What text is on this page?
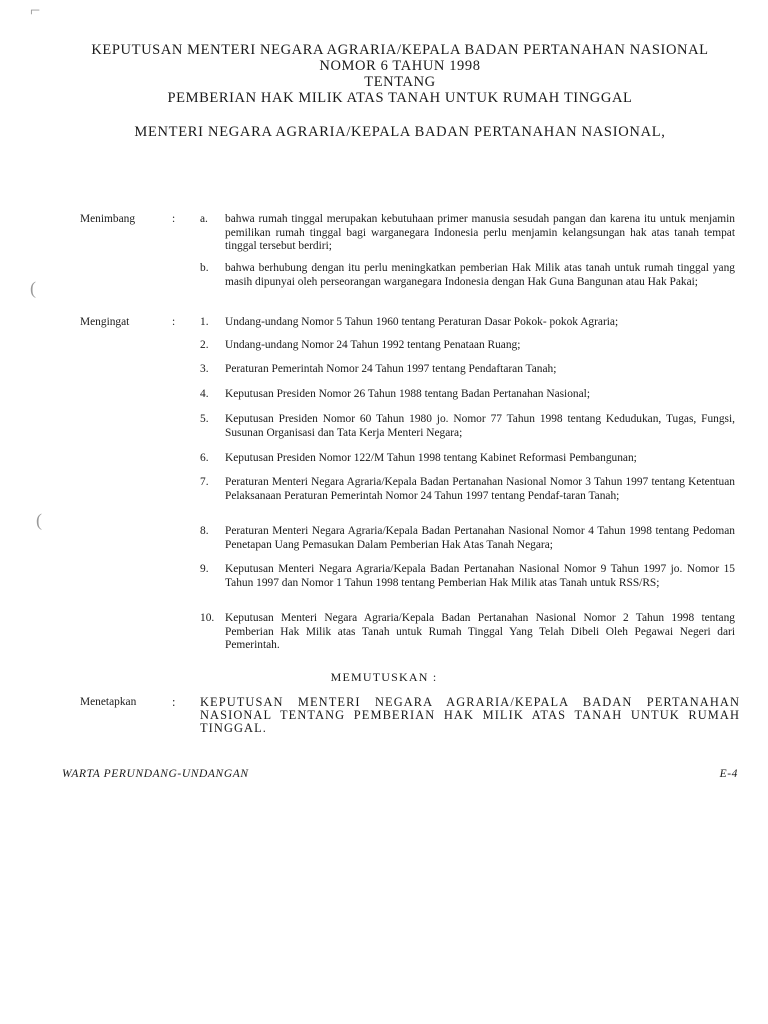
⌐
(
(
KEPUTUSAN MENTERI NEGARA AGRARIA/KEPALA BADAN PERTANAHAN NASIONAL
NOMOR 6 TAHUN 1998
TENTANG
PEMBERIAN HAK MILIK ATAS TANAH UNTUK RUMAH TINGGAL
MENTERI NEGARA AGRARIA/KEPALA BADAN PERTANAHAN NASIONAL,
Menimbang	: a. bahwa rumah tinggal merupakan kebutuhaan primer manusia sesudah pangan dan karena itu untuk menjamin pemilikan rumah tinggal bagi warganegara Indonesia perlu menjamin kelangsungan hak atas tanah tempat tinggal tersebut berdiri;
b. bahwa berhubung dengan itu perlu meningkatkan pemberian Hak Milik atas tanah untuk rumah tinggal yang masih dipunyai oleh perseorangan warganegara Indonesia dengan Hak Guna Bangunan atau Hak Pakai;
Mengingat	: 1. Undang-undang Nomor 5 Tahun 1960 tentang Peraturan Dasar Pokok- pokok Agraria;
2. Undang-undang Nomor 24 Tahun 1992 tentang Penataan Ruang;
3. Peraturan Pemerintah Nomor 24 Tahun 1997 tentang Pendaftaran Tanah;
4. Keputusan Presiden Nomor 26 Tahun 1988 tentang Badan Pertanahan Nasional;
5. Keputusan Presiden Nomor 60 Tahun 1980 jo. Nomor 77 Tahun 1998 tentang Kedudukan, Tugas, Fungsi, Susunan Organisasi dan Tata Kerja Menteri Negara;
6. Keputusan Presiden Nomor 122/M Tahun 1998 tentang Kabinet Reformasi Pembangunan;
7. Peraturan Menteri Negara Agraria/Kepala Badan Pertanahan Nasional Nomor 3 Tahun 1997 tentang Ketentuan Pelaksanaan Peraturan Pemerintah Nomor 24 Tahun 1997 tentang Pendaf-taran Tanah;
8. Peraturan Menteri Negara Agraria/Kepala Badan Pertanahan Nasional Nomor 4 Tahun 1998 tentang Pedoman Penetapan Uang Pemasukan Dalam Pemberian Hak Atas Tanah Negara;
9. Keputusan Menteri Negara Agraria/Kepala Badan Pertanahan Nasional Nomor 9 Tahun 1997 jo. Nomor 15 Tahun 1997 dan Nomor 1 Tahun 1998 tentang Pemberian Hak Milik atas Tanah untuk RSS/RS;
10. Keputusan Menteri Negara Agraria/Kepala Badan Pertanahan Nasional Nomor 2 Tahun 1998 tentang Pemberian Hak Milik atas Tanah untuk Rumah Tinggal Yang Telah Dibeli Oleh Pegawai Negeri dari Pemerintah.
MEMUTUSKAN :
Menetapkan	: KEPUTUSAN MENTERI NEGARA AGRARIA/KEPALA BADAN PERTANAHAN NASIONAL TENTANG PEMBERIAN HAK MILIK ATAS TANAH UNTUK RUMAH TINGGAL.
WARTA PERUNDANG-UNDANGAN	E-4
